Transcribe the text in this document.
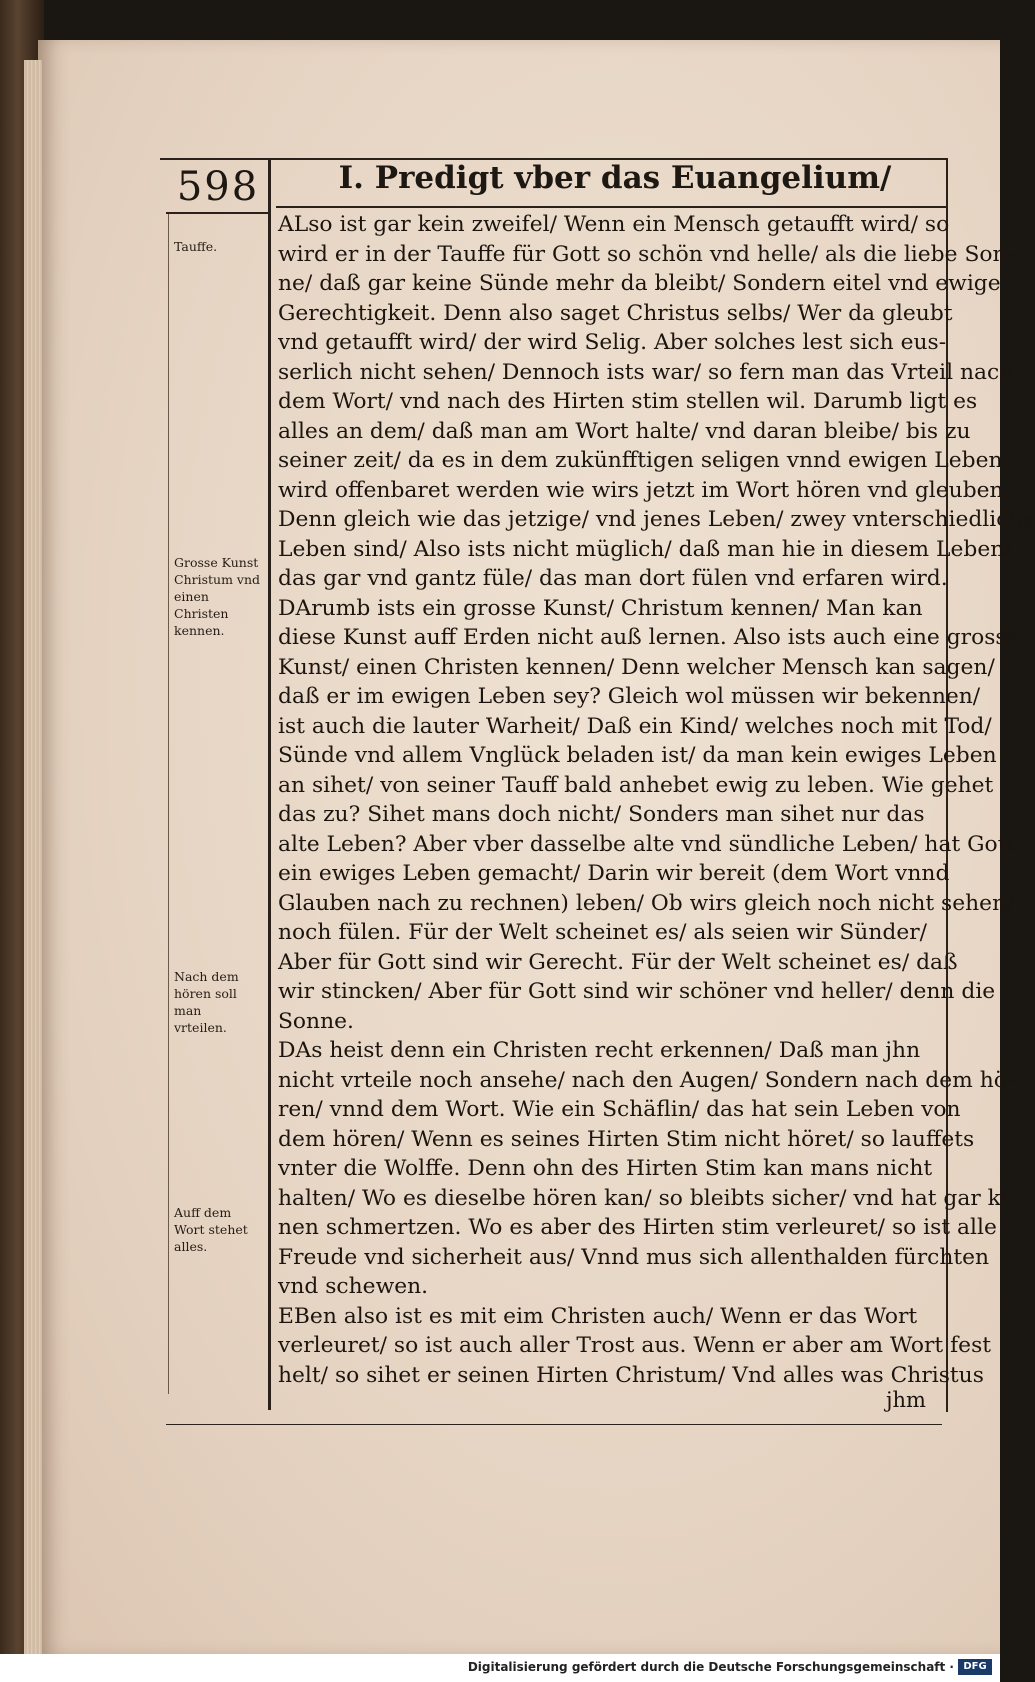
598	I. Predigt vber das Euangelium/
Tauffe.
Grosse Kunst
Christum vnd
einen Christen
kennen.
Nach dem
hören soll man
vrteilen.
Auff dem
Wort stehet
alles.
ALso ist gar kein zweifel/ Wenn ein Mensch getaufft wird/ so
wird er in der Tauffe für Gott so schön vnd helle/ als die liebe Son-
ne/ daß gar keine Sünde mehr da bleibt/ Sondern eitel vnd ewige
Gerechtigkeit. Denn also saget Christus selbs/ Wer da gleubt
vnd getaufft wird/ der wird Selig. Aber solches lest sich eus-
serlich nicht sehen/ Dennoch ists war/ so fern man das Vrteil nach
dem Wort/ vnd nach des Hirten stim stellen wil. Darumb ligt es
alles an dem/ daß man am Wort halte/ vnd daran bleibe/ bis zu
seiner zeit/ da es in dem zukünfftigen seligen vnnd ewigen Leben
wird offenbaret werden wie wirs jetzt im Wort hören vnd gleuben.
Denn gleich wie das jetzige/ vnd jenes Leben/ zwey vnterschiedliche
Leben sind/ Also ists nicht müglich/ daß man hie in diesem Leben/
das gar vnd gantz füle/ das man dort fülen vnd erfaren wird.
DArumb ists ein grosse Kunst/ Christum kennen/ Man kan
diese Kunst auff Erden nicht auß lernen. Also ists auch eine grosse
Kunst/ einen Christen kennen/ Denn welcher Mensch kan sagen/
daß er im ewigen Leben sey? Gleich wol müssen wir bekennen/
ist auch die lauter Warheit/ Daß ein Kind/ welches noch mit Tod/
Sünde vnd allem Vnglück beladen ist/ da man kein ewiges Leben
an sihet/ von seiner Tauff bald anhebet ewig zu leben. Wie gehet
das zu? Sihet mans doch nicht/ Sonders man sihet nur das
alte Leben? Aber vber dasselbe alte vnd sündliche Leben/ hat Gott
ein ewiges Leben gemacht/ Darin wir bereit (dem Wort vnnd
Glauben nach zu rechnen) leben/ Ob wirs gleich noch nicht sehen/
noch fülen. Für der Welt scheinet es/ als seien wir Sünder/
Aber für Gott sind wir Gerecht. Für der Welt scheinet es/ daß
wir stincken/ Aber für Gott sind wir schöner vnd heller/ denn die
Sonne.
DAs heist denn ein Christen recht erkennen/ Daß man jhn
nicht vrteile noch ansehe/ nach den Augen/ Sondern nach dem hö-
ren/ vnnd dem Wort. Wie ein Schäflin/ das hat sein Leben von
dem hören/ Wenn es seines Hirten Stim nicht höret/ so lauffets
vnter die Wolffe. Denn ohn des Hirten Stim kan mans nicht
halten/ Wo es dieselbe hören kan/ so bleibts sicher/ vnd hat gar kei-
nen schmertzen. Wo es aber des Hirten stim verleuret/ so ist alle
Freude vnd sicherheit aus/ Vnnd mus sich allenthalden fürchten
vnd schewen.
EBen also ist es mit eim Christen auch/ Wenn er das Wort
verleuret/ so ist auch aller Trost aus. Wenn er aber am Wort fest
helt/ so sihet er seinen Hirten Christum/ Vnd alles was Christus
jhm
Digitalisierung gefördert durch die Deutsche Forschungsgemeinschaft · DFG
